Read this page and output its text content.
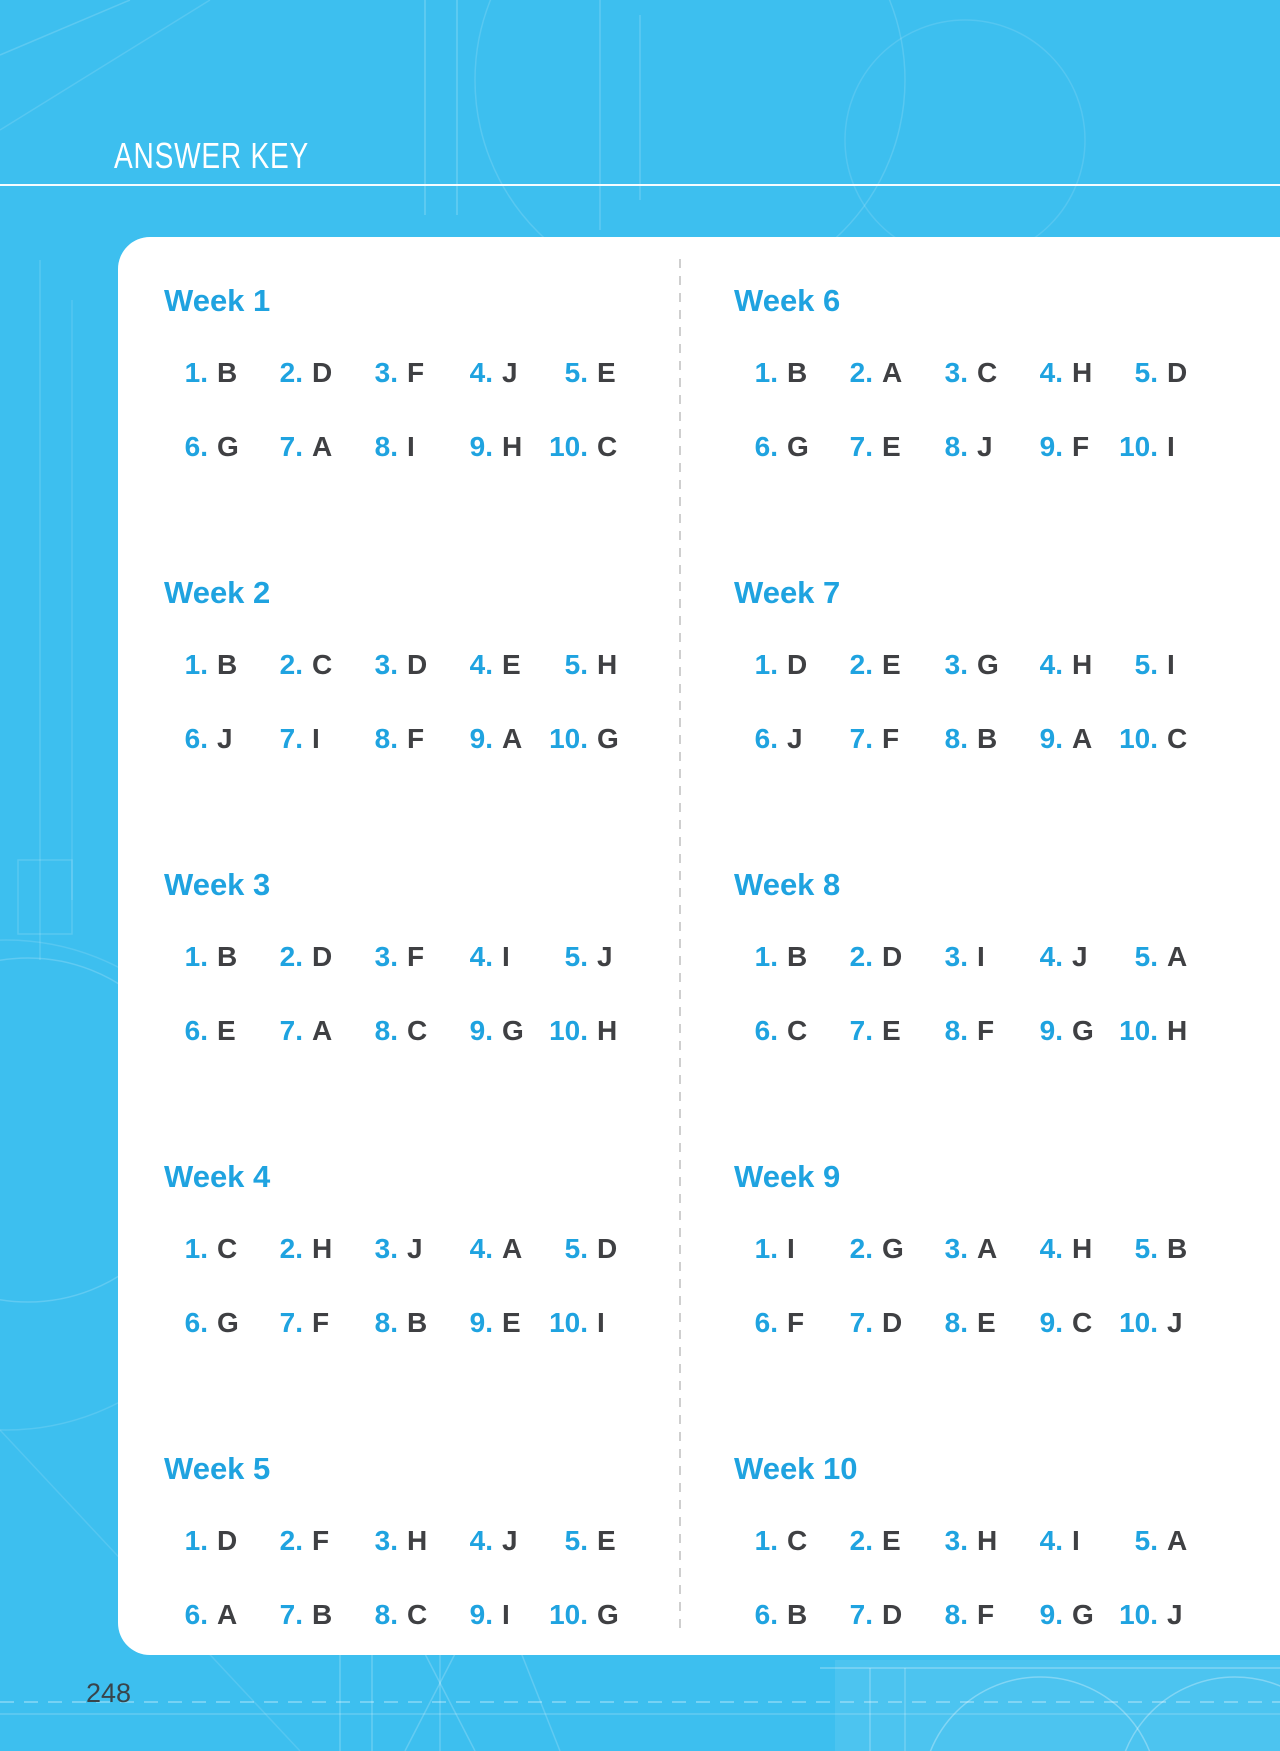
ANSWER KEY
Week 1
1. B	2. D	3. F	4. J	5. E
6. G	7. A	8. I	9. H 10. C
Week 2
1. B	2. C	3. D	4. E	5. H
6. J	7. I	8. F	9. A 10. G
Week 3
1. B	2. D	3. F	4. I	5. J
6. E	7. A	8. C	9. G 10. H
Week 4
1. C	2. H	3. J	4. A	5. D
6. G	7. F	8. B	9. E 10. I
Week 5
1. D	2. F	3. H	4. J	5. E
6. A	7. B	8. C	9. I 10. G
Week 6
1. B	2. A	3. C	4. H	5. D
6. G	7. E	8. J	9. F 10. I
Week 7
1. D	2. E	3. G	4. H	5. I
6. J	7. F	8. B	9. A 10. C
Week 8
1. B	2. D	3. I	4. J	5. A
6. C	7. E	8. F	9. G 10. H
Week 9
1. I	2. G	3. A	4. H	5. B
6. F	7. D	8. E	9. C 10. J
Week 10
1. C	2. E	3. H	4. I	5. A
6. B	7. D	8. F	9. G 10. J
248
